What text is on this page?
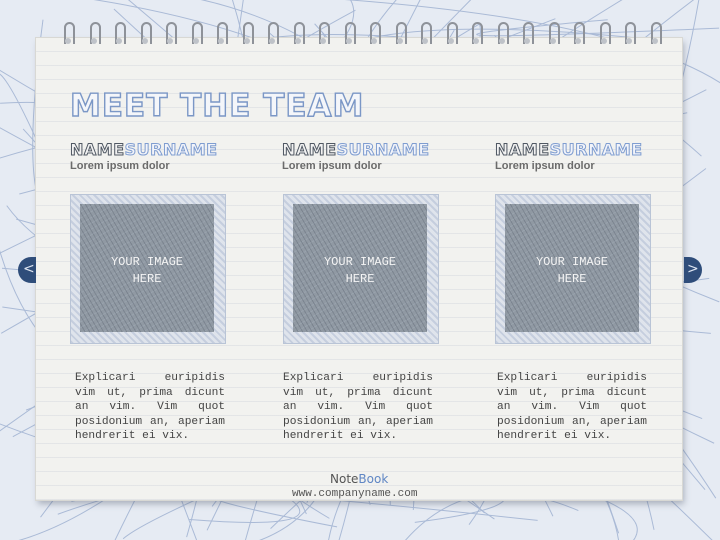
MEET THE TEAM
NAMESURNAME
Lorem ipsum dolor
YOUR IMAGE
HERE
Explicari euripidis vim ut, prima dicunt an vim. Vim quot posidonium an, aperiam hendrerit ei vix.
NAMESURNAME
Lorem ipsum dolor
YOUR IMAGE
HERE
Explicari euripidis vim ut, prima dicunt an vim. Vim quot posidonium an, aperiam hendrerit ei vix.
NAMESURNAME
Lorem ipsum dolor
YOUR IMAGE
HERE
Explicari euripidis vim ut, prima dicunt an vim. Vim quot posidonium an, aperiam hendrerit ei vix.
<	>
NoteBook
www.companyname.com
